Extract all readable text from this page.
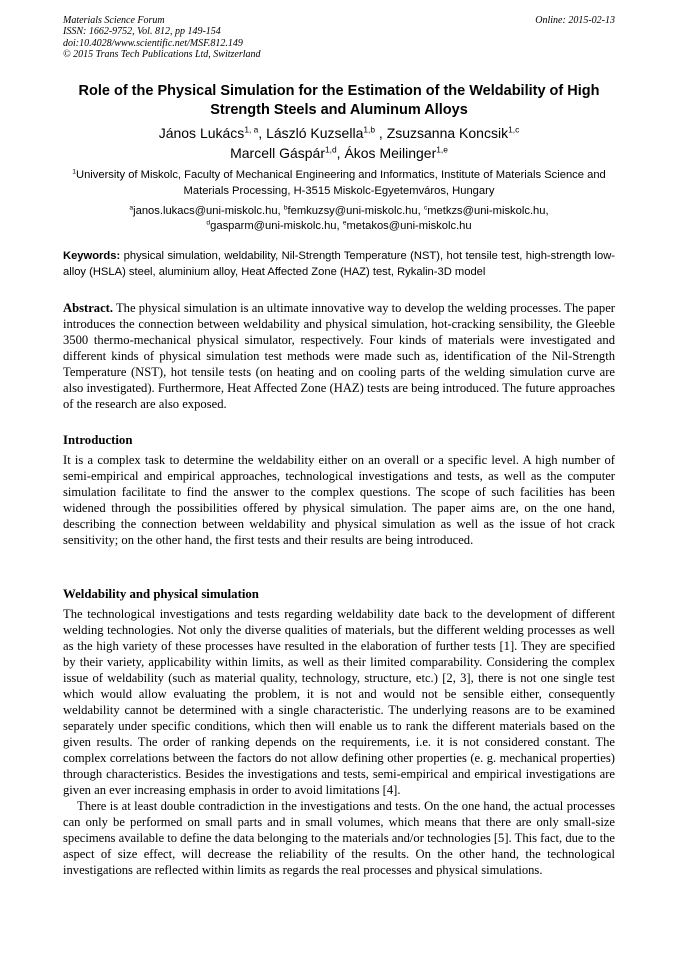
Materials Science Forum
ISSN: 1662-9752, Vol. 812, pp 149-154
doi:10.4028/www.scientific.net/MSF.812.149
© 2015 Trans Tech Publications Ltd, Switzerland
Online: 2015-02-13
Role of the Physical Simulation for the Estimation of the Weldability of High Strength Steels and Aluminum Alloys
János Lukács$^{1, a}$, László Kuzsella$^{1,b}$ , Zsuzsanna Koncsik$^{1,c}$
Marcell Gáspár$^{1,d}$, Ákos Meilinger$^{1,e}$
$^1$University of Miskolc, Faculty of Mechanical Engineering and Informatics, Institute of Materials Science and Materials Processing, H-3515 Miskolc-Egyetemváros, Hungary
$^a$janos.lukacs@uni-miskolc.hu, $^b$femkuzsy@uni-miskolc.hu, $^c$metkzs@uni-miskolc.hu,
$^d$gasparm@uni-miskolc.hu, $^e$metakos@uni-miskolc.hu
Keywords: physical simulation, weldability, Nil-Strength Temperature (NST), hot tensile test, high-strength low-alloy (HSLA) steel, aluminium alloy, Heat Affected Zone (HAZ) test, Rykalin-3D model

Abstract. The physical simulation is an ultimate innovative way to develop the welding processes. The paper introduces the connection between weldability and physical simulation, hot-cracking sensibility, the Gleeble 3500 thermo-mechanical physical simulator, respectively. Four kinds of materials were investigated and different kinds of physical simulation test methods were made such as, identification of the Nil-Strength Temperature (NST), hot tensile tests (on heating and on cooling parts of the welding simulation curve are also investigated). Furthermore, Heat Affected Zone (HAZ) tests are being introduced. The future approaches of the research are also exposed.

Introduction

It is a complex task to determine the weldability either on an overall or a specific level. A high number of semi-empirical and empirical approaches, technological investigations and tests, as well as the computer simulation facilitate to find the answer to the complex questions. The scope of such facilities has been widened through the possibilities offered by physical simulation. The paper aims are, on the one hand, describing the connection between weldability and physical simulation as well as the issue of hot crack sensitivity; on the other hand, the first tests and their results are being introduced.

Weldability and physical simulation

The technological investigations and tests regarding weldability date back to the development of different welding technologies. Not only the diverse qualities of materials, but the different welding processes as well as the high variety of these processes have resulted in the elaboration of further tests [1]. They are specified by their variety, applicability within limits, as well as their limited comparability. Considering the complex issue of weldability (such as material quality, technology, structure, etc.) [2, 3], there is not one single test which would allow evaluating the problem, it is not and would not be sensible either, consequently weldability cannot be determined with a single characteristic. The underlying reasons are to be examined separately under specific conditions, which then will enable us to rank the different materials based on the given results. The order of ranking depends on the requirements, i.e. it is not considered constant. The complex correlations between the factors do not allow defining other properties (e. g. mechanical properties) through characteristics. Besides the investigations and tests, semi-empirical and empirical investigations are given an ever increasing emphasis in order to avoid limitations [4].

There is at least double contradiction in the investigations and tests. On the one hand, the actual processes can only be performed on small parts and in small volumes, which means that there are only small-size specimens available to define the data belonging to the materials and/or technologies [5]. This fact, due to the aspect of size effect, will decrease the reliability of the results. On the other hand, the technological investigations are reflected within limits as regards the real processes and physical simulations.
